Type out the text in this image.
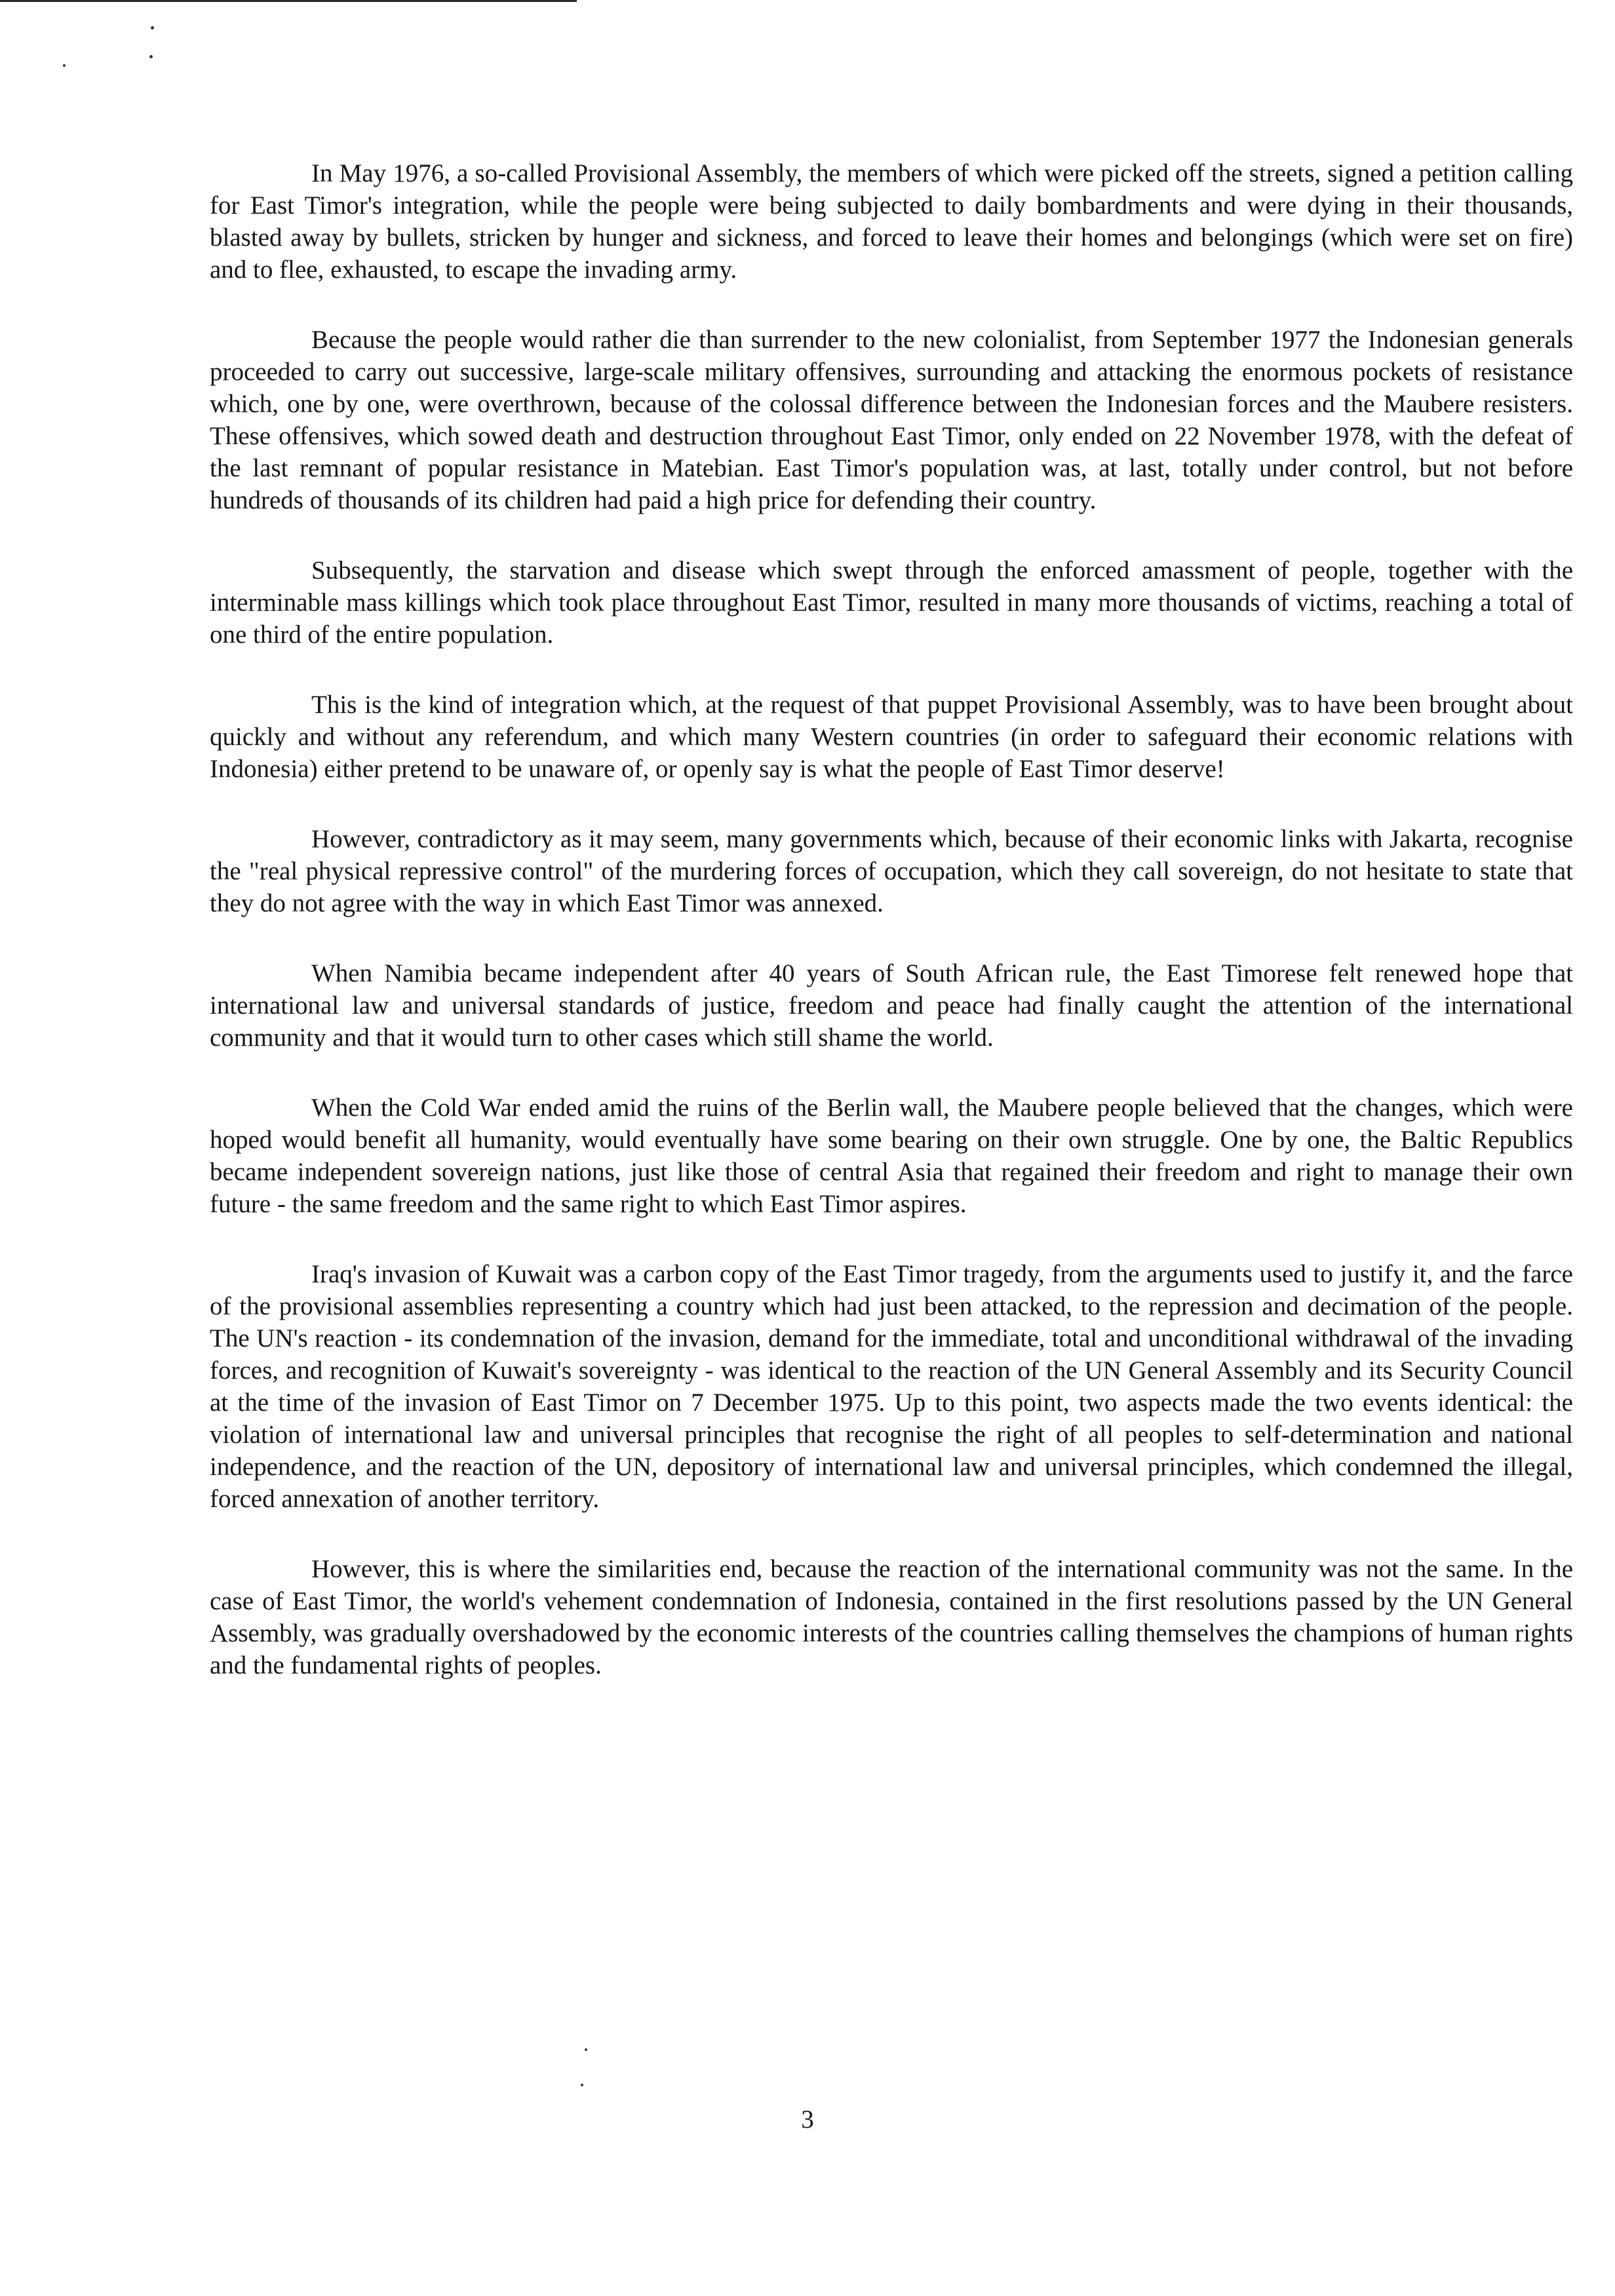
In May 1976, a so-called Provisional Assembly, the members of which were picked off the streets, signed a petition calling for East Timor's integration, while the people were being subjected to daily bombardments and were dying in their thousands, blasted away by bullets, stricken by hunger and sickness, and forced to leave their homes and belongings (which were set on fire) and to flee, exhausted, to escape the invading army.

Because the people would rather die than surrender to the new colonialist, from September 1977 the Indonesian generals proceeded to carry out successive, large-scale military offensives, surrounding and attacking the enormous pockets of resistance which, one by one, were overthrown, because of the colossal difference between the Indonesian forces and the Maubere resisters. These offensives, which sowed death and destruction throughout East Timor, only ended on 22 November 1978, with the defeat of the last remnant of popular resistance in Matebian. East Timor's population was, at last, totally under control, but not before hundreds of thousands of its children had paid a high price for defending their country.

Subsequently, the starvation and disease which swept through the enforced amassment of people, together with the interminable mass killings which took place throughout East Timor, resulted in many more thousands of victims, reaching a total of one third of the entire population.

This is the kind of integration which, at the request of that puppet Provisional Assembly, was to have been brought about quickly and without any referendum, and which many Western countries (in order to safeguard their economic relations with Indonesia) either pretend to be unaware of, or openly say is what the people of East Timor deserve!

However, contradictory as it may seem, many governments which, because of their economic links with Jakarta, recognise the "real physical repressive control" of the murdering forces of occupation, which they call sovereign, do not hesitate to state that they do not agree with the way in which East Timor was annexed.

When Namibia became independent after 40 years of South African rule, the East Timorese felt renewed hope that international law and universal standards of justice, freedom and peace had finally caught the attention of the international community and that it would turn to other cases which still shame the world.

When the Cold War ended amid the ruins of the Berlin wall, the Maubere people believed that the changes, which were hoped would benefit all humanity, would eventually have some bearing on their own struggle. One by one, the Baltic Republics became independent sovereign nations, just like those of central Asia that regained their freedom and right to manage their own future - the same freedom and the same right to which East Timor aspires.

Iraq's invasion of Kuwait was a carbon copy of the East Timor tragedy, from the arguments used to justify it, and the farce of the provisional assemblies representing a country which had just been attacked, to the repression and decimation of the people. The UN's reaction - its condemnation of the invasion, demand for the immediate, total and unconditional withdrawal of the invading forces, and recognition of Kuwait's sovereignty - was identical to the reaction of the UN General Assembly and its Security Council at the time of the invasion of East Timor on 7 December 1975. Up to this point, two aspects made the two events identical: the violation of international law and universal principles that recognise the right of all peoples to self-determination and national independence, and the reaction of the UN, depository of international law and universal principles, which condemned the illegal, forced annexation of another territory.

However, this is where the similarities end, because the reaction of the international community was not the same. In the case of East Timor, the world's vehement condemnation of Indonesia, contained in the first resolutions passed by the UN General Assembly, was gradually overshadowed by the economic interests of the countries calling themselves the champions of human rights and the fundamental rights of peoples.

3
